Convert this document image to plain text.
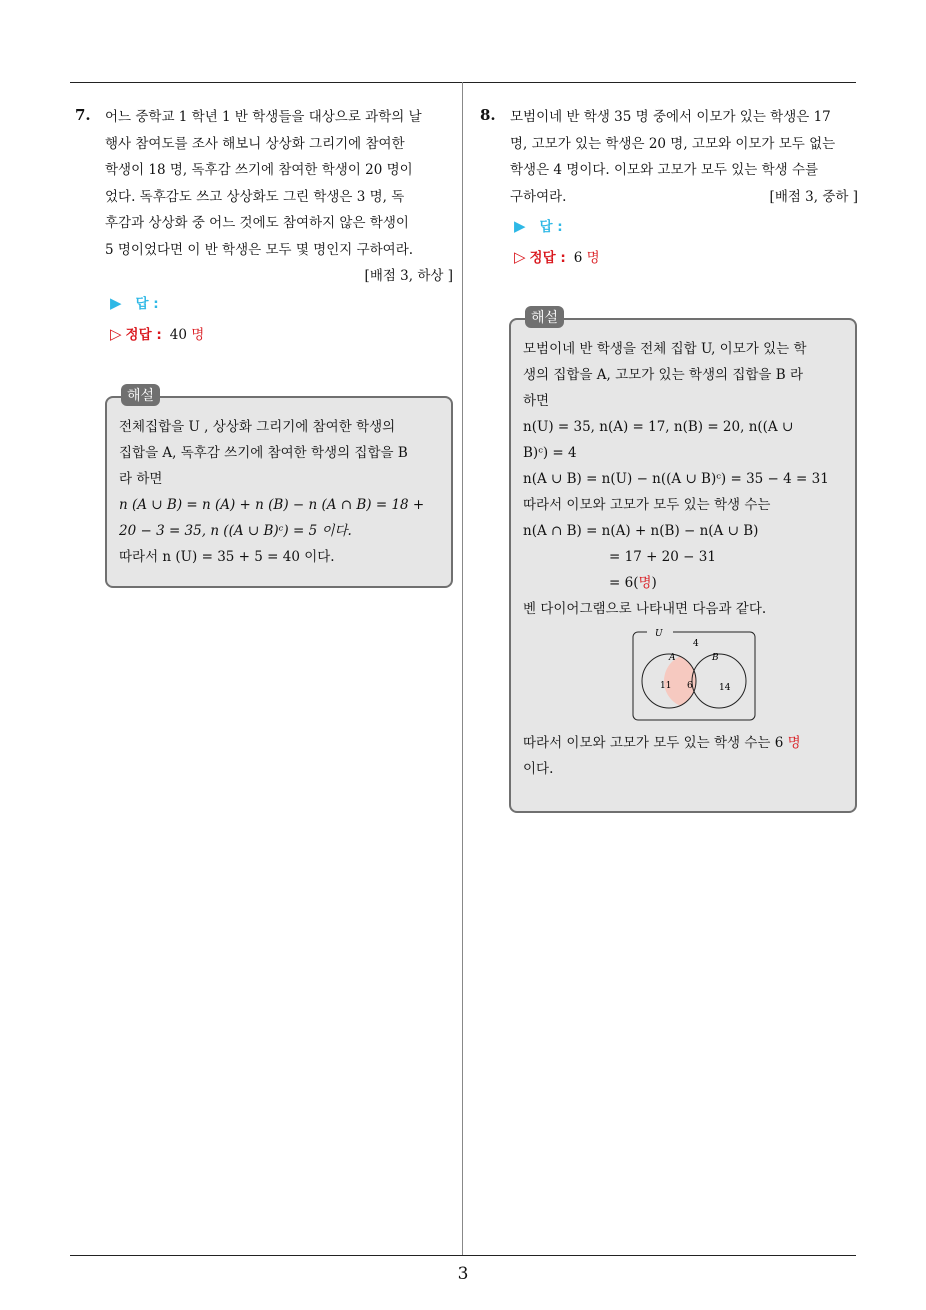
3
7. 어느 중학교 1 학년 1 반 학생들을 대상으로 과학의 날

행사 참여도를 조사 해보니 상상화 그리기에 참여한

학생이 18 명, 독후감 쓰기에 참여한 학생이 20 명이

었다. 독후감도 쓰고 상상화도 그린 학생은 3 명, 독

후감과 상상화 중 어느 것에도 참여하지 않은 학생이

5 명이었다면 이 반 학생은 모두 몇 명인지 구하여라.

[배점 3, 하상 ]
▶ 답 :
▷ 정답 : 40 명
해설

전체집합을 U , 상상화 그리기에 참여한 학생의

집합을 A, 독후감 쓰기에 참여한 학생의 집합을 B

라 하면

n (A ∪ B) = n (A) + n (B) − n (A ∩ B) = 18 +

20 − 3 = 35, n ((A ∪ B)ᶜ) = 5 이다.

따라서 n (U) = 35 + 5 = 40 이다.

8. 모범이네 반 학생 35 명 중에서 이모가 있는 학생은 17

명, 고모가 있는 학생은 20 명, 고모와 이모가 모두 없는

학생은 4 명이다. 이모와 고모가 모두 있는 학생 수를

구하여라.	[배점 3, 중하 ]
▶ 답 :
▷ 정답 : 6 명
해설

모범이네 반 학생을 전체 집합 U, 이모가 있는 학

생의 집합을 A, 고모가 있는 학생의 집합을 B 라

하면

n(U) = 35, n(A) = 17, n(B) = 20, n((A ∪

B)ᶜ) = 4

n(A ∪ B) = n(U) − n((A ∪ B)ᶜ) = 35 − 4 = 31

따라서 이모와 고모가 모두 있는 학생 수는

n(A ∩ B) = n(A) + n(B) − n(A ∪ B)

= 17 + 20 − 31

= 6(명)

벤 다이어그램으로 나타내면 다음과 같다.

U
4
A	B
11 6	14

따라서 이모와 고모가 모두 있는 학생 수는 6 명

이다.
